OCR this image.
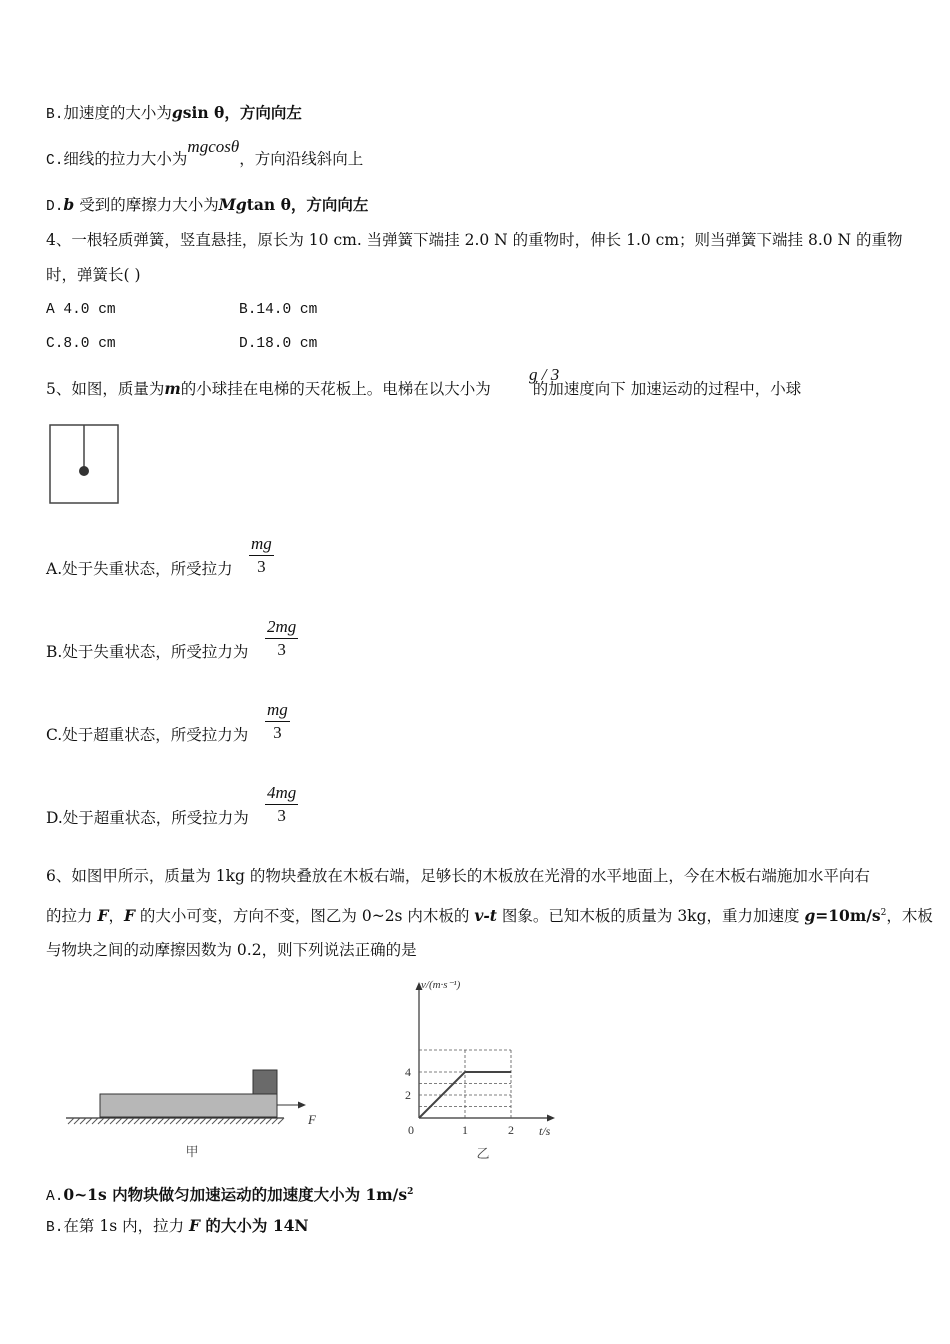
B.加速度的大小为gsin θ，方向向左
C.细线的拉力大小为mgcosθ，方向沿线斜向上
D.b 受到的摩擦力大小为Mgtan θ，方向向左
4、一根轻质弹簧，竖直悬挂，原长为 10 cm. 当弹簧下端挂 2.0 N 的重物时，伸长 1.0 cm；则当弹簧下端挂 8.0 N 的重物
时，弹簧长( )
A 4.0 cm	B.14.0 cm
C.8.0 cm	D.18.0 cm
5、如图，质量为m的小球挂在电梯的天花板上。电梯在以大小为	的加速度向下 加速运动的过程中，小球
g / 3
A.处于失重状态，所受拉力 $\frac{mg}{3}$
B.处于失重状态，所受拉力为 $\frac{2mg}{3}$
C.处于超重状态，所受拉力为 $\frac{mg}{3}$
D.处于超重状态，所受拉力为 $\frac{4mg}{3}$
6、如图甲所示，质量为 1kg 的物块叠放在木板右端，足够长的木板放在光滑的水平地面上，今在木板右端施加水平向右
的拉力 F，F 的大小可变，方向不变，图乙为 0~2s 内木板的 v-t 图象。已知木板的质量为 3kg，重力加速度 $g=10m/s^2$，木板
与物块之间的动摩擦因数为 0.2，则下列说法正确的是
F
甲
2
4
0	1	2
v/(m·s⁻¹)
t/s
乙
A.0~1s 内物块做匀加速运动的加速度大小为 $1m/s^2$
B.在第 1s 内，拉力 F 的大小为 14N
